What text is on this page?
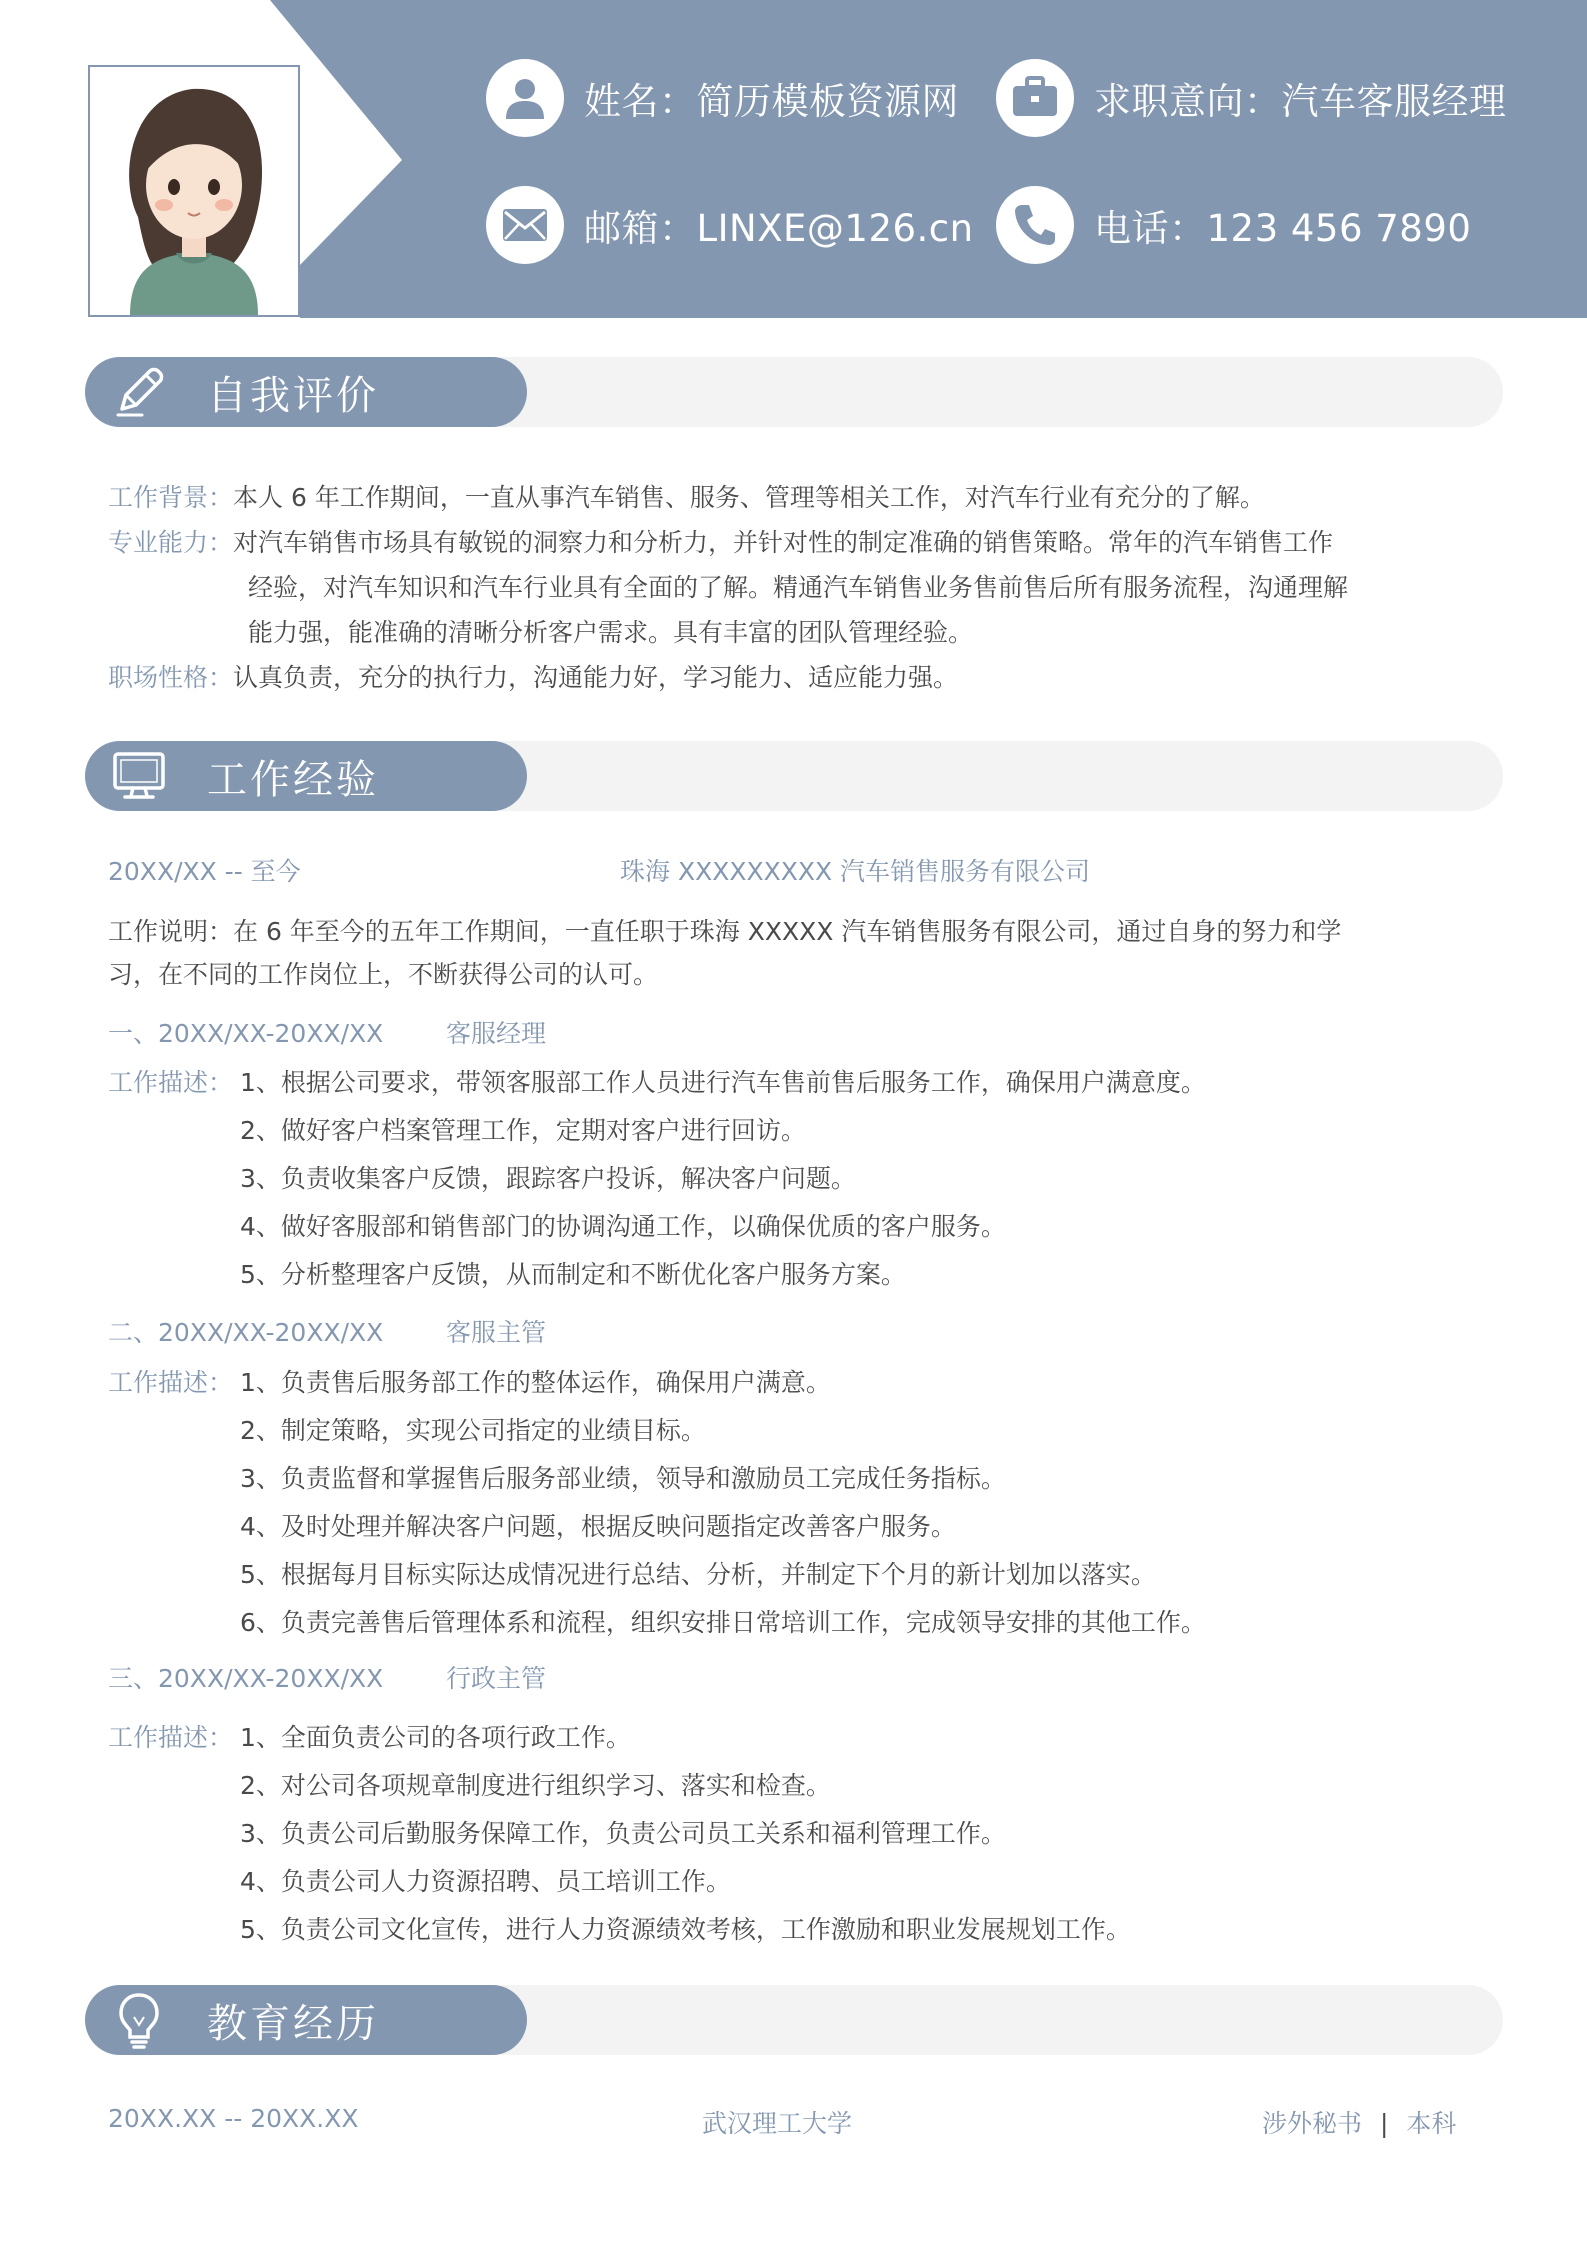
姓名：简历模板资源网	求职意向：汽车客服经理
邮箱：LINXE@126.cn	电话：123 456 7890
自我评价
工作背景：本人 6 年工作期间，一直从事汽车销售、服务、管理等相关工作，对汽车行业有充分的了解。
专业能力：对汽车销售市场具有敏锐的洞察力和分析力，并针对性的制定准确的销售策略。常年的汽车销售工作
经验，对汽车知识和汽车行业具有全面的了解。精通汽车销售业务售前售后所有服务流程，沟通理解
能力强，能准确的清晰分析客户需求。具有丰富的团队管理经验。
职场性格：认真负责，充分的执行力，沟通能力好，学习能力、适应能力强。
工作经验
20XX/XX -- 至今	珠海 XXXXXXXXX 汽车销售服务有限公司
工作说明：在 6 年至今的五年工作期间，一直任职于珠海 XXXXX 汽车销售服务有限公司，通过自身的努力和学
习，在不同的工作岗位上，不断获得公司的认可。
一、20XX/XX-20XX/XX	客服经理
工作描述： 1、根据公司要求，带领客服部工作人员进行汽车售前售后服务工作，确保用户满意度。
2、做好客户档案管理工作，定期对客户进行回访。
3、负责收集客户反馈，跟踪客户投诉，解决客户问题。
4、做好客服部和销售部门的协调沟通工作，以确保优质的客户服务。
5、分析整理客户反馈，从而制定和不断优化客户服务方案。
二、20XX/XX-20XX/XX	客服主管
工作描述： 1、负责售后服务部工作的整体运作，确保用户满意。
2、制定策略，实现公司指定的业绩目标。
3、负责监督和掌握售后服务部业绩，领导和激励员工完成任务指标。
4、及时处理并解决客户问题，根据反映问题指定改善客户服务。
5、根据每月目标实际达成情况进行总结、分析，并制定下个月的新计划加以落实。
6、负责完善售后管理体系和流程，组织安排日常培训工作，完成领导安排的其他工作。
三、20XX/XX-20XX/XX	行政主管
工作描述： 1、全面负责公司的各项行政工作。
2、对公司各项规章制度进行组织学习、落实和检查。
3、负责公司后勤服务保障工作，负责公司员工关系和福利管理工作。
4、负责公司人力资源招聘、员工培训工作。
5、负责公司文化宣传，进行人力资源绩效考核，工作激励和职业发展规划工作。
教育经历
20XX.XX -- 20XX.XX	武汉理工大学	涉外秘书 | 本科
